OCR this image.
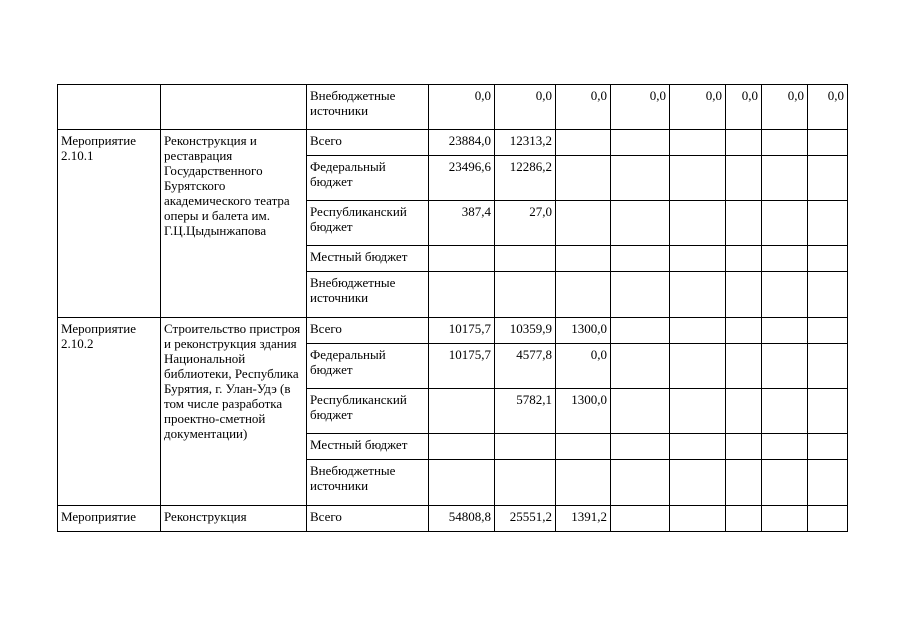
		Внебюджетные источники	0,0	0,0	0,0	0,0	0,0	0,0	0,0	0,0
Мероприятие 2.10.1	Реконструкция и реставрация Государственного Бурятского академического театра оперы и балета им. Г.Ц.Цыдынжапова	Всего	23884,0	12313,2						
		Федеральный бюджет	23496,6	12286,2						
		Республиканский бюджет	387,4	27,0						
		Местный бюджет								
		Внебюджетные источники								
Мероприятие 2.10.2	Строительство пристроя и реконструкция здания Национальной библиотеки, Республика Бурятия, г. Улан-Удэ (в том числе разработка проектно-сметной документации)	Всего	10175,7	10359,9	1300,0					
		Федеральный бюджет	10175,7	4577,8	0,0					
		Республиканский бюджет		5782,1	1300,0					
		Местный бюджет								
		Внебюджетные источники								
Мероприятие	Реконструкция	Всего	54808,8	25551,2	1391,2					
